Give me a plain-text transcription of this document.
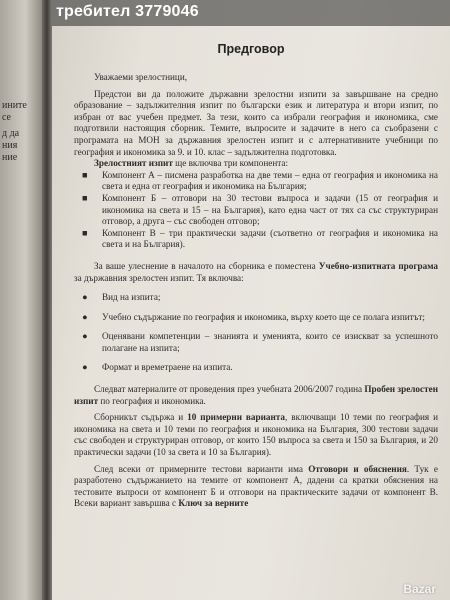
ините
се
д да
ния
ние
требител 3779046
Предговор

Уважаеми зрелостници,

Предстои ви да положите държавни зрелостни изпити за завършване на средно образование – задължителния изпит по български език и литература и втори изпит, по избран от вас учебен предмет. За тези, които са избрали география и икономика, сме подготвили настоящия сборник. Темите, въпросите и задачите в него са съобразени с програмата на МОН за държавния зрелостен изпит и с алтернативните учебници по география и икономика за 9. и 10. клас – задължителна подготовка.

Зрелостният изпит ще включва три компонента:

■ Компонент А – писмена разработка на две теми – една от география и икономика на света и една от география и икономика на България;
■ Компонент Б – отговори на 30 тестови въпроса и задачи (15 от география и икономика на света и 15 – на България), като една част от тях са със структуриран отговор, а друга – със свободен отговор;
■ Компонент В – три практически задачи (съответно от география и икономика на света и на България).

За ваше улеснение в началото на сборника е поместена Учебно-изпитната програма за държавния зрелостен изпит. Тя включва:

● Вид на изпита;
● Учебно съдържание по география и икономика, върху което ще се полага изпитът;
● Оценявани компетенции – знанията и уменията, които се изискват за успешното полагане на изпита;
● Формат и времетраене на изпита.

Следват материалите от проведения през учебната 2006/2007 година Пробен зрелостен изпит по география и икономика.

Сборникът съдържа и 10 примерни варианта, включващи 10 теми по география и икономика на света и 10 теми по география и икономика на България, 300 тестови задачи със свободен и структуриран отговор, от които 150 въпроса за света и 150 за България, и 20 практически задачи (10 за света и 10 за България).

След всеки от примерните тестови варианти има Отговори и обяснения. Тук е разработено съдържанието на темите от компонент А, дадени са кратки обяснения на тестовите въпроси от компонент Б и отговори на практическите задачи от компонент В. Всеки вариант завършва с Ключ за верните

Bazar
